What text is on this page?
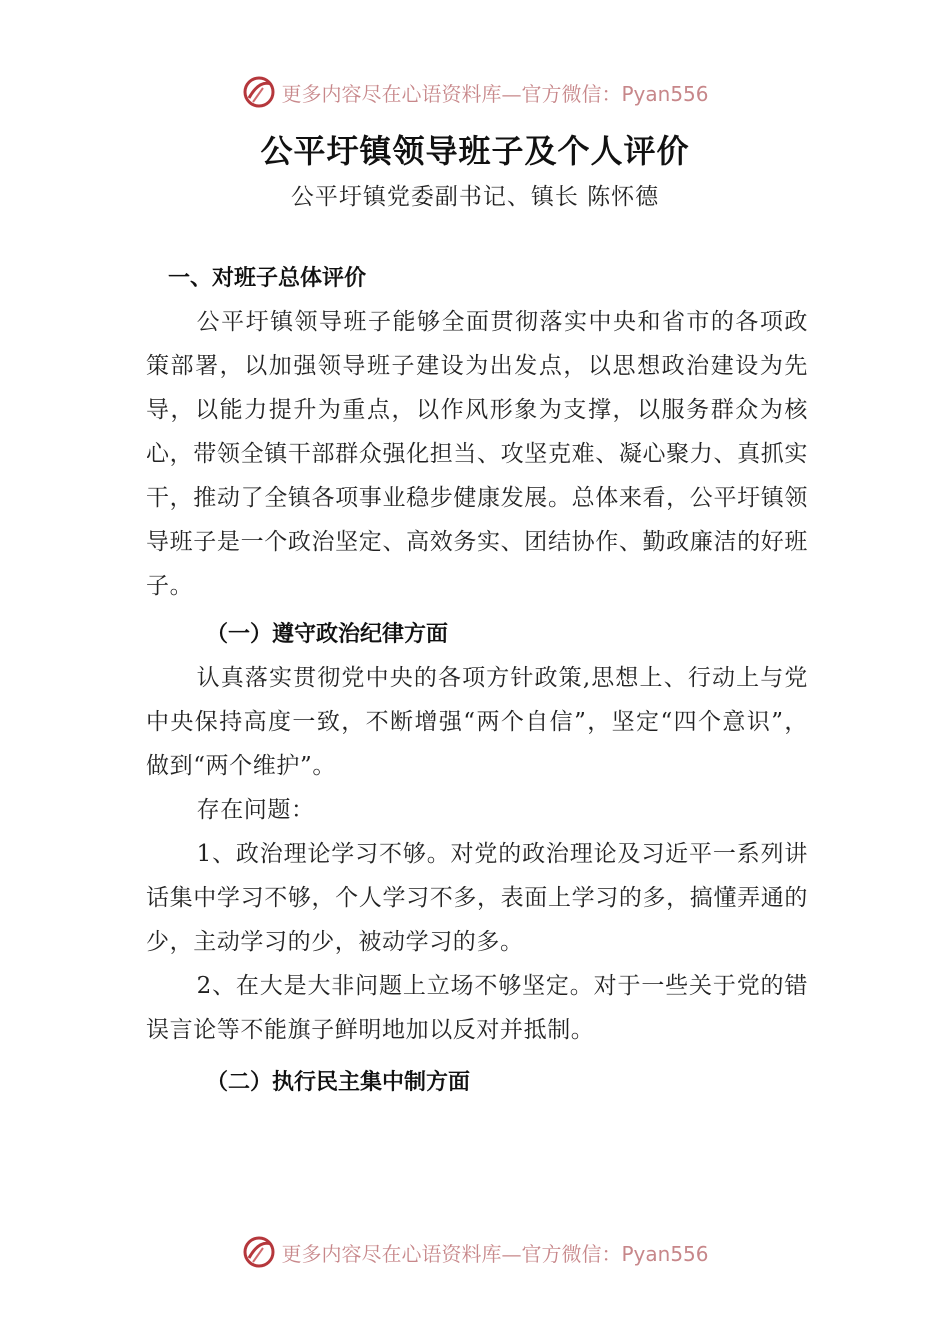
更多内容尽在心语资料库—官方微信：Pyan556
公平圩镇领导班子及个人评价

公平圩镇党委副书记、镇长 陈怀德

一、对班子总体评价

公平圩镇领导班子能够全面贯彻落实中央和省市的各项政策部署，以加强领导班子建设为出发点，以思想政治建设为先导，以能力提升为重点，以作风形象为支撑，以服务群众为核心，带领全镇干部群众强化担当、攻坚克难、凝心聚力、真抓实干，推动了全镇各项事业稳步健康发展。总体来看，公平圩镇领导班子是一个政治坚定、高效务实、团结协作、勤政廉洁的好班子。

（一）遵守政治纪律方面

认真落实贯彻党中央的各项方针政策,思想上、行动上与党中央保持高度一致，不断增强“两个自信”，坚定“四个意识”，做到“两个维护”。

存在问题：

1、政治理论学习不够。对党的政治理论及习近平一系列讲话集中学习不够，个人学习不多，表面上学习的多，搞懂弄通的少，主动学习的少，被动学习的多。

2、在大是大非问题上立场不够坚定。对于一些关于党的错误言论等不能旗子鲜明地加以反对并抵制。

（二）执行民主集中制方面

更多内容尽在心语资料库—官方微信：Pyan556
